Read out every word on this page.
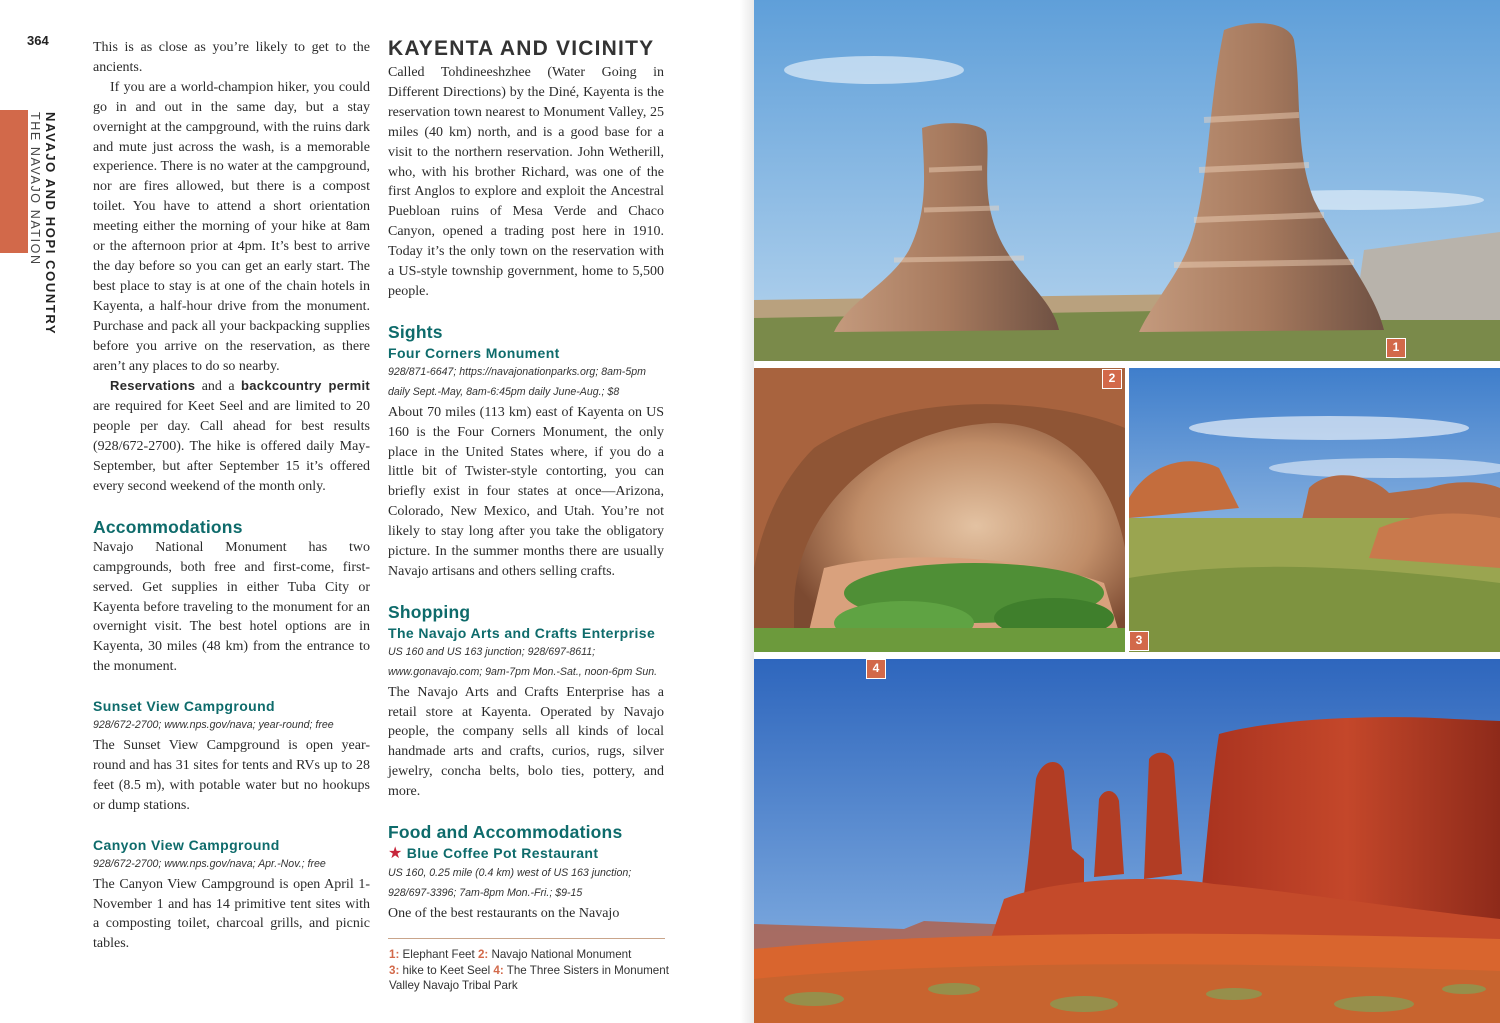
364
NAVAJO AND HOPI COUNTRY
THE NAVAJO NATION

This is as close as you’re likely to get to the ancients.

If you are a world-champion hiker, you could go in and out in the same day, but a stay overnight at the campground, with the ruins dark and mute just across the wash, is a memorable experience. There is no water at the campground, nor are fires allowed, but there is a compost toilet. You have to attend a short orientation meeting either the morning of your hike at 8am or the afternoon prior at 4pm. It’s best to arrive the day before so you can get an early start. The best place to stay is at one of the chain hotels in Kayenta, a half-hour drive from the monument. Purchase and pack all your backpacking supplies before you arrive on the reservation, as there aren’t any places to do so nearby.

Reservations and a backcountry permit are required for Keet Seel and are limited to 20 people per day. Call ahead for best results (928/672-2700). The hike is offered daily May-September, but after September 15 it’s offered every second weekend of the month only.

Accommodations

Navajo National Monument has two campgrounds, both free and first-come, first-served. Get supplies in either Tuba City or Kayenta before traveling to the monument for an overnight visit. The best hotel options are in Kayenta, 30 miles (48 km) from the entrance to the monument.

Sunset View Campground
928/672-2700; www.nps.gov/nava; year-round; free

The Sunset View Campground is open year-round and has 31 sites for tents and RVs up to 28 feet (8.5 m), with potable water but no hookups or dump stations.

Canyon View Campground
928/672-2700; www.nps.gov/nava; Apr.-Nov.; free

The Canyon View Campground is open April 1-November 1 and has 14 primitive tent sites with a composting toilet, charcoal grills, and picnic tables.

KAYENTA AND VICINITY

Called Tohdineeshzhee (Water Going in Different Directions) by the Diné, Kayenta is the reservation town nearest to Monument Valley, 25 miles (40 km) north, and is a good base for a visit to the northern reservation. John Wetherill, who, with his brother Richard, was one of the first Anglos to explore and exploit the Ancestral Puebloan ruins of Mesa Verde and Chaco Canyon, opened a trading post here in 1910. Today it’s the only town on the reservation with a US-style township government, home to 5,500 people.

Sights
Four Corners Monument
928/871-6647; https://navajonationparks.org; 8am-5pm daily Sept.-May, 8am-6:45pm daily June-Aug.; $8

About 70 miles (113 km) east of Kayenta on US 160 is the Four Corners Monument, the only place in the United States where, if you do a little bit of Twister-style contorting, you can briefly exist in four states at once—Arizona, Colorado, New Mexico, and Utah. You’re not likely to stay long after you take the obligatory picture. In the summer months there are usually Navajo artisans and others selling crafts.

Shopping
The Navajo Arts and Crafts Enterprise
US 160 and US 163 junction; 928/697-8611; www.gonavajo.com; 9am-7pm Mon.-Sat., noon-6pm Sun.

The Navajo Arts and Crafts Enterprise has a retail store at Kayenta. Operated by Navajo people, the company sells all kinds of local handmade arts and crafts, curios, rugs, silver jewelry, concha belts, bolo ties, pottery, and more.

Food and Accommodations
★ Blue Coffee Pot Restaurant
US 160, 0.25 mile (0.4 km) west of US 163 junction; 928/697-3396; 7am-8pm Mon.-Fri.; $9-15

One of the best restaurants on the Navajo

1: Elephant Feet 2: Navajo National Monument
3: hike to Keet Seel 4: The Three Sisters in Monument Valley Navajo Tribal Park
1
2
3
4
